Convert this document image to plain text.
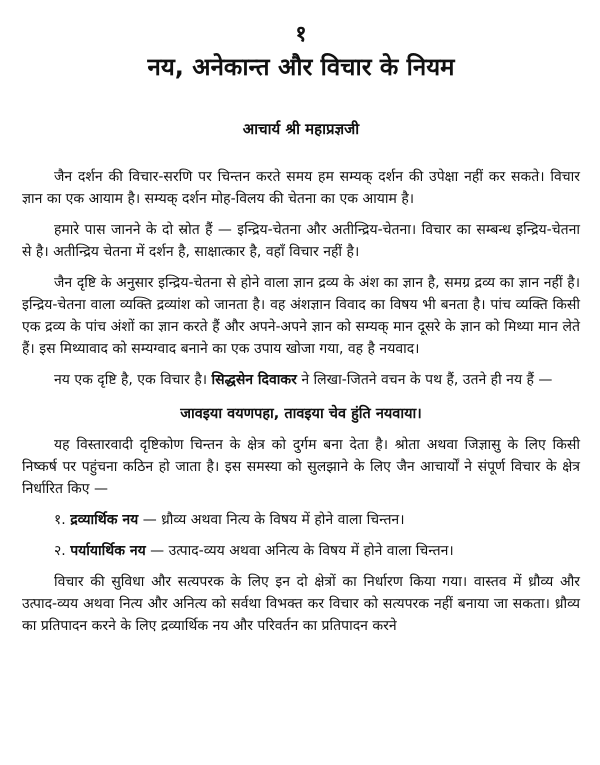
१
नय, अनेकान्त और विचार के नियम
आचार्य श्री महाप्रज्ञजी

जैन दर्शन की विचार-सरणि पर चिन्तन करते समय हम सम्यक् दर्शन की उपेक्षा नहीं कर सकते। विचार ज्ञान का एक आयाम है। सम्यक् दर्शन मोह-विलय की चेतना का एक आयाम है।

हमारे पास जानने के दो स्रोत हैं — इन्द्रिय-चेतना और अतीन्द्रिय-चेतना। विचार का सम्बन्ध इन्द्रिय-चेतना से है। अतीन्द्रिय चेतना में दर्शन है, साक्षात्कार है, वहाँ विचार नहीं है।

जैन दृष्टि के अनुसार इन्द्रिय-चेतना से होने वाला ज्ञान द्रव्य के अंश का ज्ञान है, समग्र द्रव्य का ज्ञान नहीं है। इन्द्रिय-चेतना वाला व्यक्ति द्रव्यांश को जानता है। वह अंशज्ञान विवाद का विषय भी बनता है। पांच व्यक्ति किसी एक द्रव्य के पांच अंशों का ज्ञान करते हैं और अपने-अपने ज्ञान को सम्यक् मान दूसरे के ज्ञान को मिथ्या मान लेते हैं। इस मिथ्यावाद को सम्यग्वाद बनाने का एक उपाय खोजा गया, वह है नयवाद।

नय एक दृष्टि है, एक विचार है। सिद्धसेन दिवाकर ने लिखा-जितने वचन के पथ हैं, उतने ही नय हैं —

जावइया वयणपहा, तावइया चेव हुंति नयवाया।

यह विस्तारवादी दृष्टिकोण चिन्तन के क्षेत्र को दुर्गम बना देता है। श्रोता अथवा जिज्ञासु के लिए किसी निष्कर्ष पर पहुंचना कठिन हो जाता है। इस समस्या को सुलझाने के लिए जैन आचार्यों ने संपूर्ण विचार के क्षेत्र निर्धारित किए —

१. द्रव्यार्थिक नय — ध्रौव्य अथवा नित्य के विषय में होने वाला चिन्तन।

२. पर्यायार्थिक नय — उत्पाद-व्यय अथवा अनित्य के विषय में होने वाला चिन्तन।

विचार की सुविधा और सत्यपरक के लिए इन दो क्षेत्रों का निर्धारण किया गया। वास्तव में ध्रौव्य और उत्पाद-व्यय अथवा नित्य और अनित्य को सर्वथा विभक्त कर विचार को सत्यपरक नहीं बनाया जा सकता। ध्रौव्य का प्रतिपादन करने के लिए द्रव्यार्थिक नय और परिवर्तन का प्रतिपादन करने
